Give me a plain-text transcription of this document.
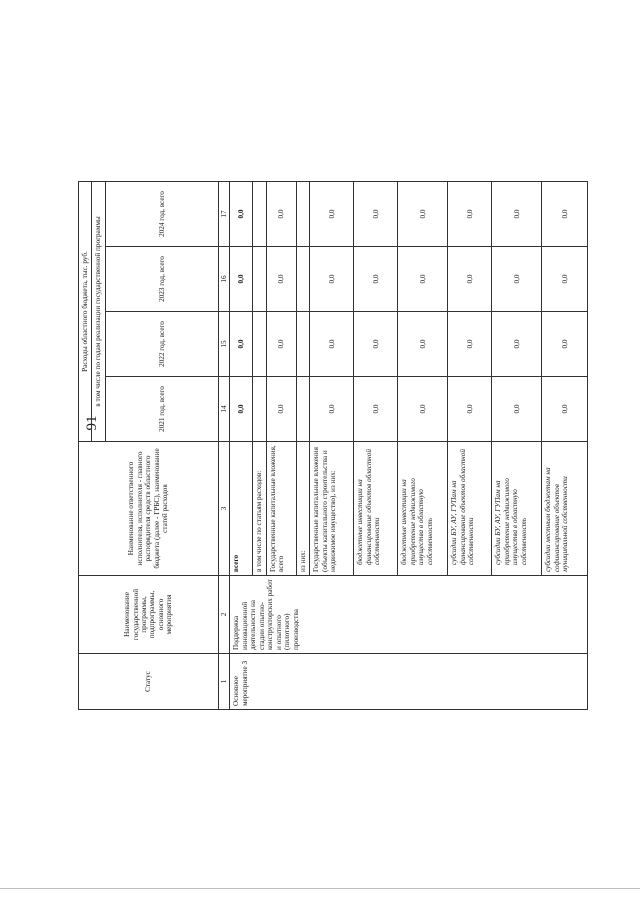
91
Статус	Наименование государственной программы, подпрограммы, основного мероприятия	Наименование ответственного исполнителя, исполнителя - главного распорядителя средств областного бюджета (далее - ГРБС), наименование статей расходов	Расходы областного бюджета, тыс. руб.			
			в том числе по годам реализации государственной программы			
			2021 год, всего	2022 год, всего	2023 год, всего	2024 год, всего
1	2	3	14	15	16	17
Основное мероприятие 3	Поддержка инновационной деятельности на стадии опытно-конструкторских работ и опытного (пилотного) производства	всего	0,0	0,0	0,0	0,0
		в том числе по статьям расходов:				
		Государственные капитальные вложения, всего	0,0	0,0	0,0	0,0
		из них:				
		Государственные капитальные вложения (объекты капитального строительства и недвижимое имущество), из них:	0,0	0,0	0,0	0,0
		бюджетные инвестиции на финансирование объектов областной собственности	0,0	0,0	0,0	0,0
		бюджетные инвестиции на приобретение недвижимого имущества в областную собственность	0,0	0,0	0,0	0,0
		субсидии БУ, АУ, ГУПам на финансирование объектов областной собственности	0,0	0,0	0,0	0,0
		субсидии БУ, АУ, ГУПам на приобретение недвижимого имущества в областную собственность	0,0	0,0	0,0	0,0
		субсидии местным бюджетам на софинансирование объектов муниципальной собственности	0,0	0,0	0,0	0,0
